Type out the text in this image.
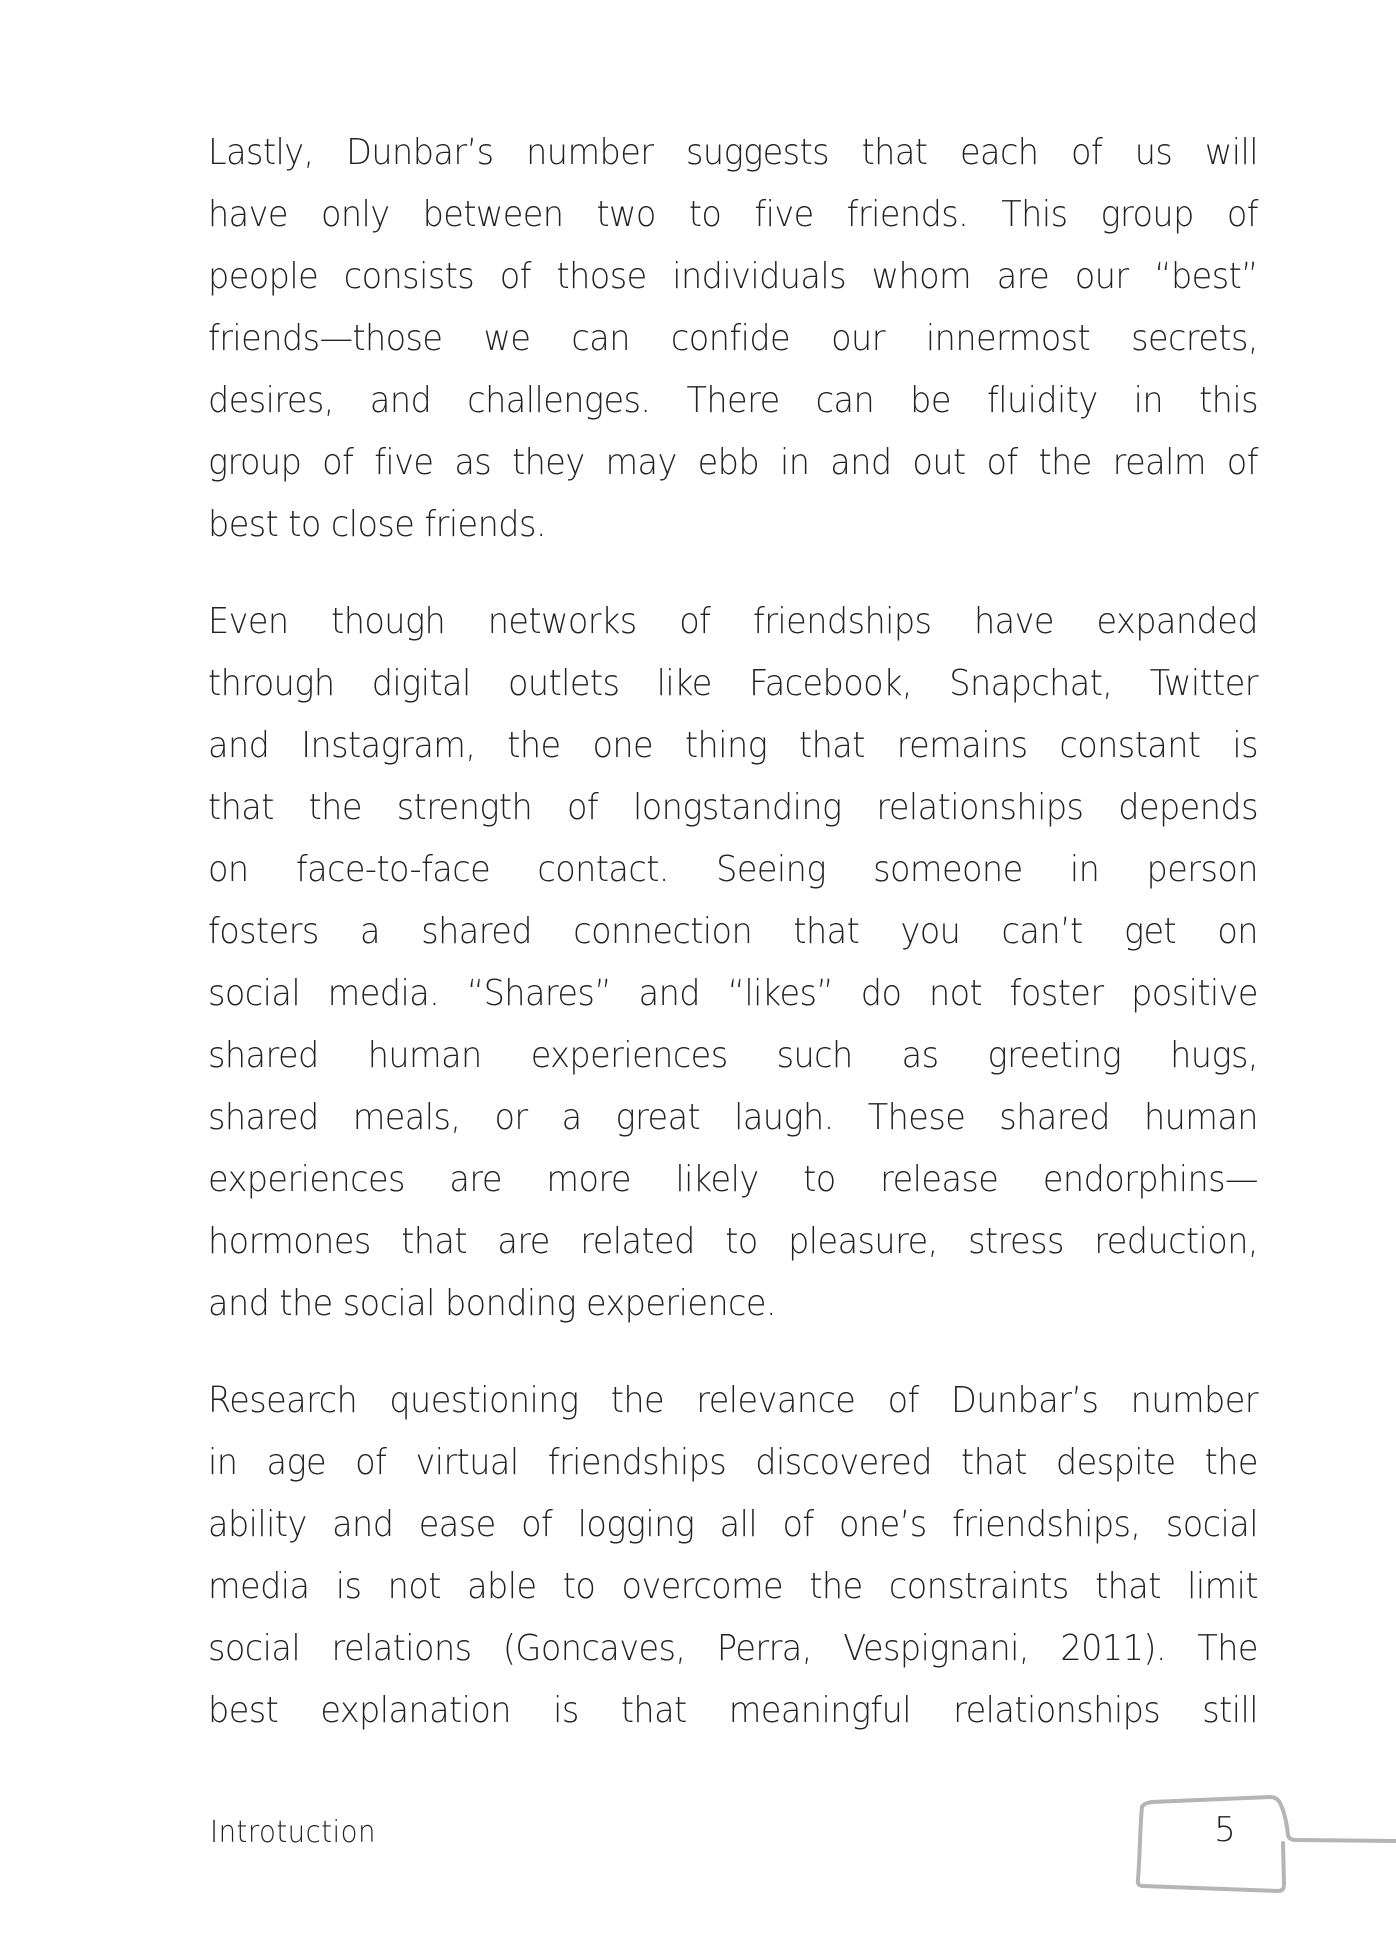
Lastly, Dunbar’s number suggests that each of us will
have only between two to five friends. This group of
people consists of those individuals whom are our “best”
friends—those we can confide our innermost secrets,
desires, and challenges. There can be fluidity in this
group of five as they may ebb in and out of the realm of
best to close friends.
Even though networks of friendships have expanded
through digital outlets like Facebook, Snapchat, Twitter
and Instagram, the one thing that remains constant is
that the strength of longstanding relationships depends
on face-to-face contact. Seeing someone in person
fosters a shared connection that you can’t get on
social media. “Shares” and “likes” do not foster positive
shared human experiences such as greeting hugs,
shared meals, or a great laugh. These shared human
experiences are more likely to release endorphins—
hormones that are related to pleasure, stress reduction,
and the social bonding experience.
Research questioning the relevance of Dunbar’s number
in age of virtual friendships discovered that despite the
ability and ease of logging all of one’s friendships, social
media is not able to overcome the constraints that limit
social relations (Goncaves, Perra, Vespignani, 2011). The
best explanation is that meaningful relationships still
Introtuction	5
